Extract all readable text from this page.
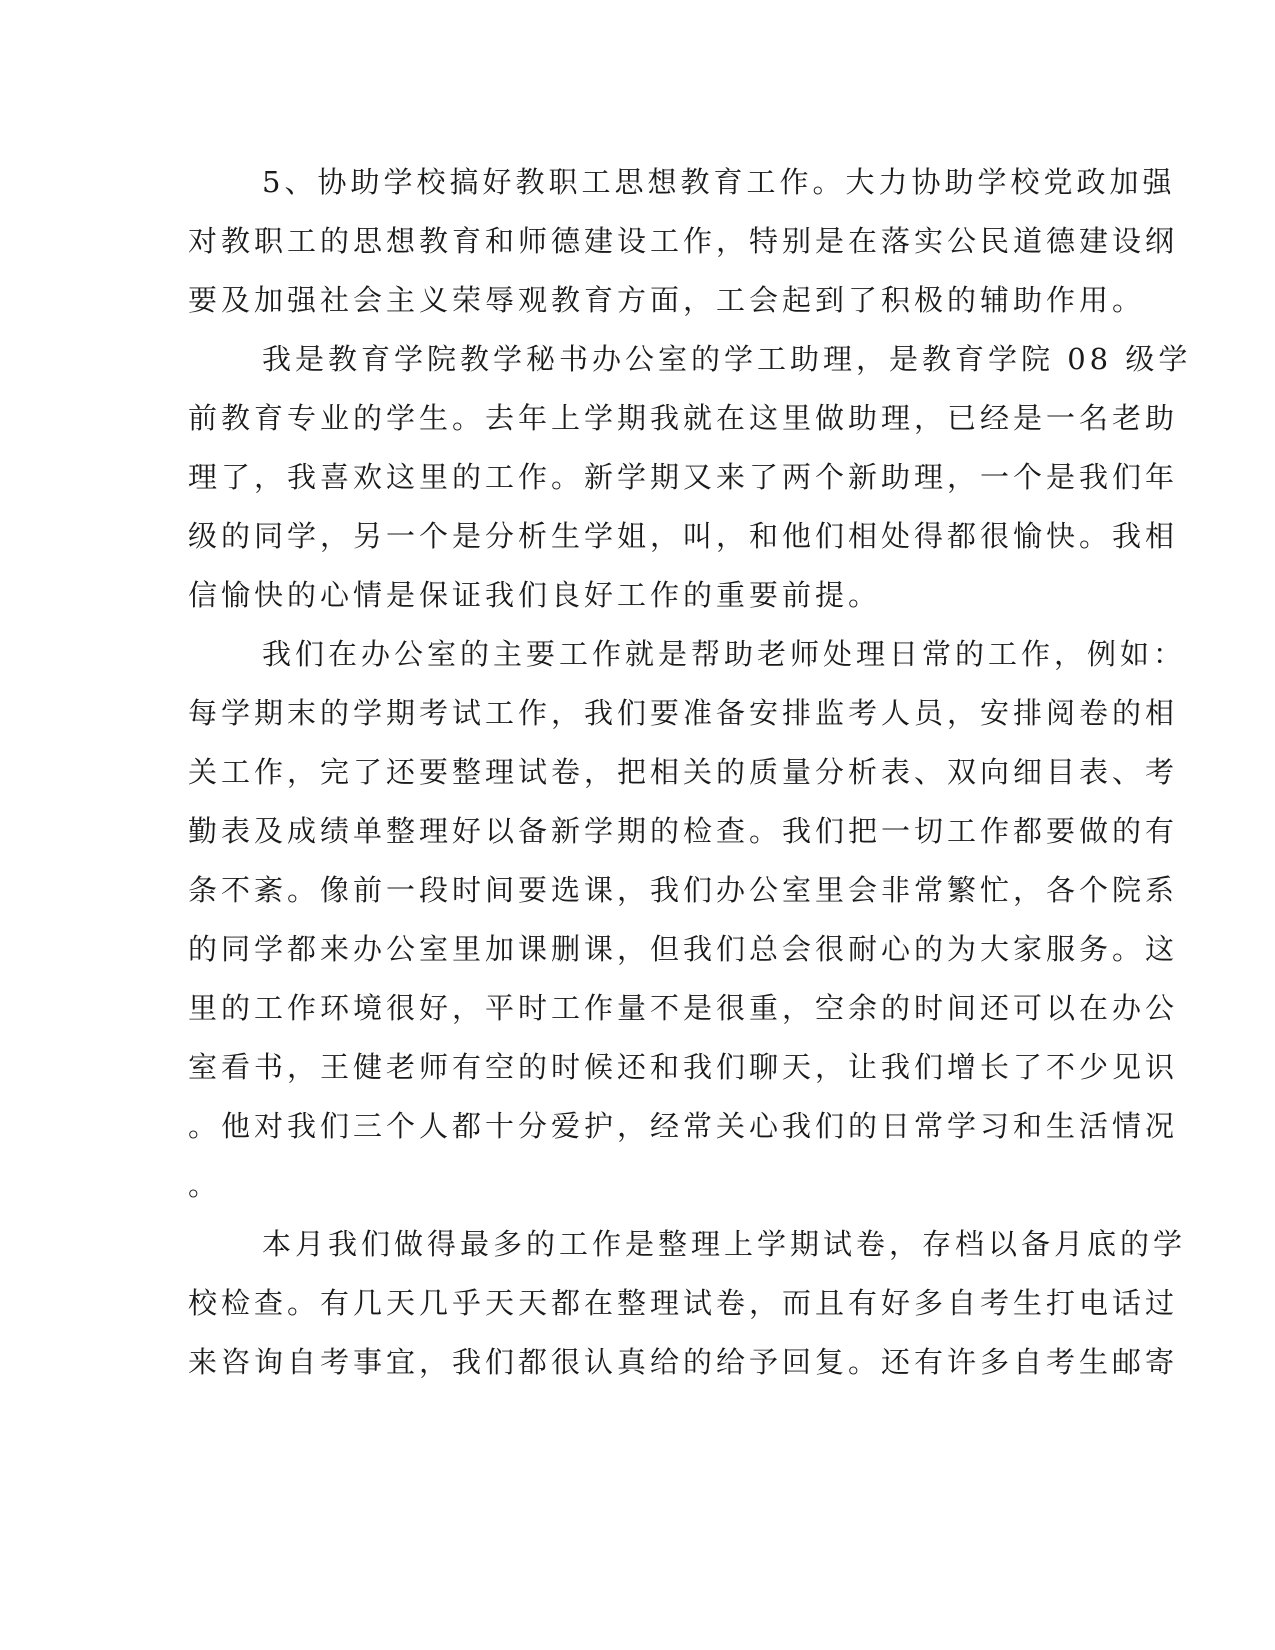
5、协助学校搞好教职工思想教育工作。大力协助学校党政加强
对教职工的思想教育和师德建设工作，特别是在落实公民道德建设纲
要及加强社会主义荣辱观教育方面，工会起到了积极的辅助作用。
我是教育学院教学秘书办公室的学工助理，是教育学院 08 级学
前教育专业的学生。去年上学期我就在这里做助理，已经是一名老助
理了，我喜欢这里的工作。新学期又来了两个新助理，一个是我们年
级的同学，另一个是分析生学姐，叫，和他们相处得都很愉快。我相
信愉快的心情是保证我们良好工作的重要前提。
我们在办公室的主要工作就是帮助老师处理日常的工作，例如：
每学期末的学期考试工作，我们要准备安排监考人员，安排阅卷的相
关工作，完了还要整理试卷，把相关的质量分析表、双向细目表、考
勤表及成绩单整理好以备新学期的检查。我们把一切工作都要做的有
条不紊。像前一段时间要选课，我们办公室里会非常繁忙，各个院系
的同学都来办公室里加课删课，但我们总会很耐心的为大家服务。这
里的工作环境很好，平时工作量不是很重，空余的时间还可以在办公
室看书，王健老师有空的时候还和我们聊天，让我们增长了不少见识
。他对我们三个人都十分爱护，经常关心我们的日常学习和生活情况
。
本月我们做得最多的工作是整理上学期试卷，存档以备月底的学
校检查。有几天几乎天天都在整理试卷，而且有好多自考生打电话过
来咨询自考事宜，我们都很认真给的给予回复。还有许多自考生邮寄
